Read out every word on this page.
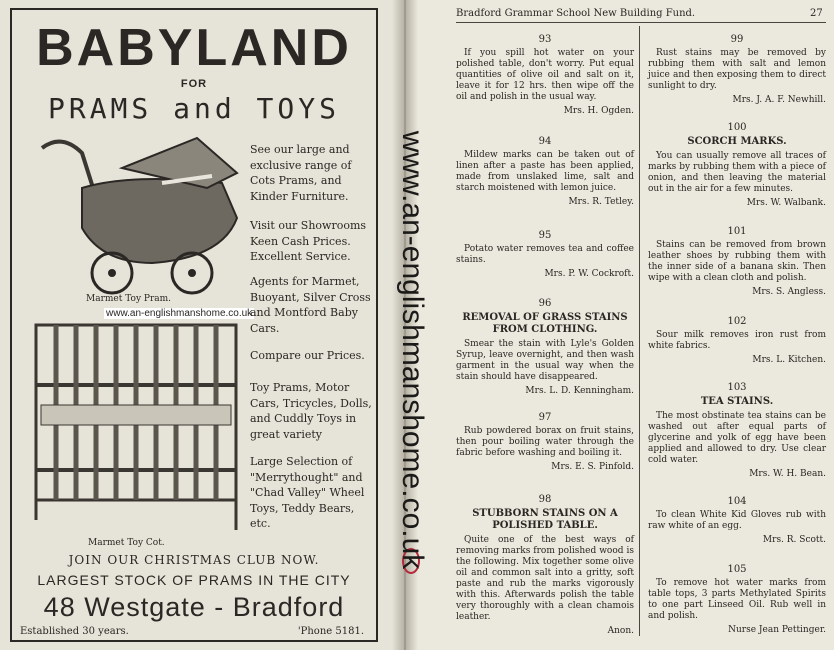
BABYLAND
FOR
PRAMS and TOYS
Marmet Toy Pram.
www.an-englishmanshome.co.uk
Marmet Toy Cot.
See our large and exclusive range of Cots Prams, and Kinder Furniture.
Visit our Showrooms Keen Cash Prices. Excellent Service.
Agents for Marmet, Buoyant, Silver Cross and Montford Baby Cars.
Compare our Prices.
Toy Prams, Motor Cars, Tricycles, Dolls, and Cuddly Toys in great variety
Large Selection of "Merrythought" and "Chad Valley" Wheel Toys, Teddy Bears, etc.
JOIN OUR CHRISTMAS CLUB NOW.
LARGEST STOCK OF PRAMS IN THE CITY
48 Westgate - Bradford
Established 30 years.	'Phone 5181.
Bradford Grammar School New Building Fund.	27
93
If you spill hot water on your polished table, don't worry. Put equal quantities of olive oil and salt on it, leave it for 12 hrs. then wipe off the oil and polish in the usual way.
Mrs. H. Ogden.
94
Mildew marks can be taken out of linen after a paste has been applied, made from unslaked lime, salt and starch moistened with lemon juice.
Mrs. R. Tetley.
95
Potato water removes tea and coffee stains.
Mrs. P. W. Cockroft.
96
REMOVAL OF GRASS STAINS FROM CLOTHING.
Smear the stain with Lyle's Golden Syrup, leave overnight, and then wash garment in the usual way when the stain should have disappeared.
Mrs. L. D. Kenningham.
97
Rub powdered borax on fruit stains, then pour boiling water through the fabric before washing and boiling it.
Mrs. E. S. Pinfold.
98
STUBBORN STAINS ON A POLISHED TABLE.
Quite one of the best ways of removing marks from polished wood is the following. Mix together some olive oil and common salt into a gritty, soft paste and rub the marks vigorously with this. Afterwards polish the table very thoroughly with a clean chamois leather.
Anon.
99
Rust stains may be removed by rubbing them with salt and lemon juice and then exposing them to direct sunlight to dry.
Mrs. J. A. F. Newhill.
100
SCORCH MARKS.
You can usually remove all traces of marks by rubbing them with a piece of onion, and then leaving the material out in the air for a few minutes.
Mrs. W. Walbank.
101
Stains can be removed from brown leather shoes by rubbing them with the inner side of a banana skin. Then wipe with a clean cloth and polish.
Mrs. S. Angless.
102
Sour milk removes iron rust from white fabrics.
Mrs. L. Kitchen.
103
TEA STAINS.
The most obstinate tea stains can be washed out after equal parts of glycerine and yolk of egg have been applied and allowed to dry. Use clear cold water.
Mrs. W. H. Bean.
104
To clean White Kid Gloves rub with raw white of an egg.
Mrs. R. Scott.
105
To remove hot water marks from table tops, 3 parts Methylated Spirits to one part Linseed Oil. Rub well in and polish.
Nurse Jean Pettinger.
www.an-englishmanshome.co.uk
